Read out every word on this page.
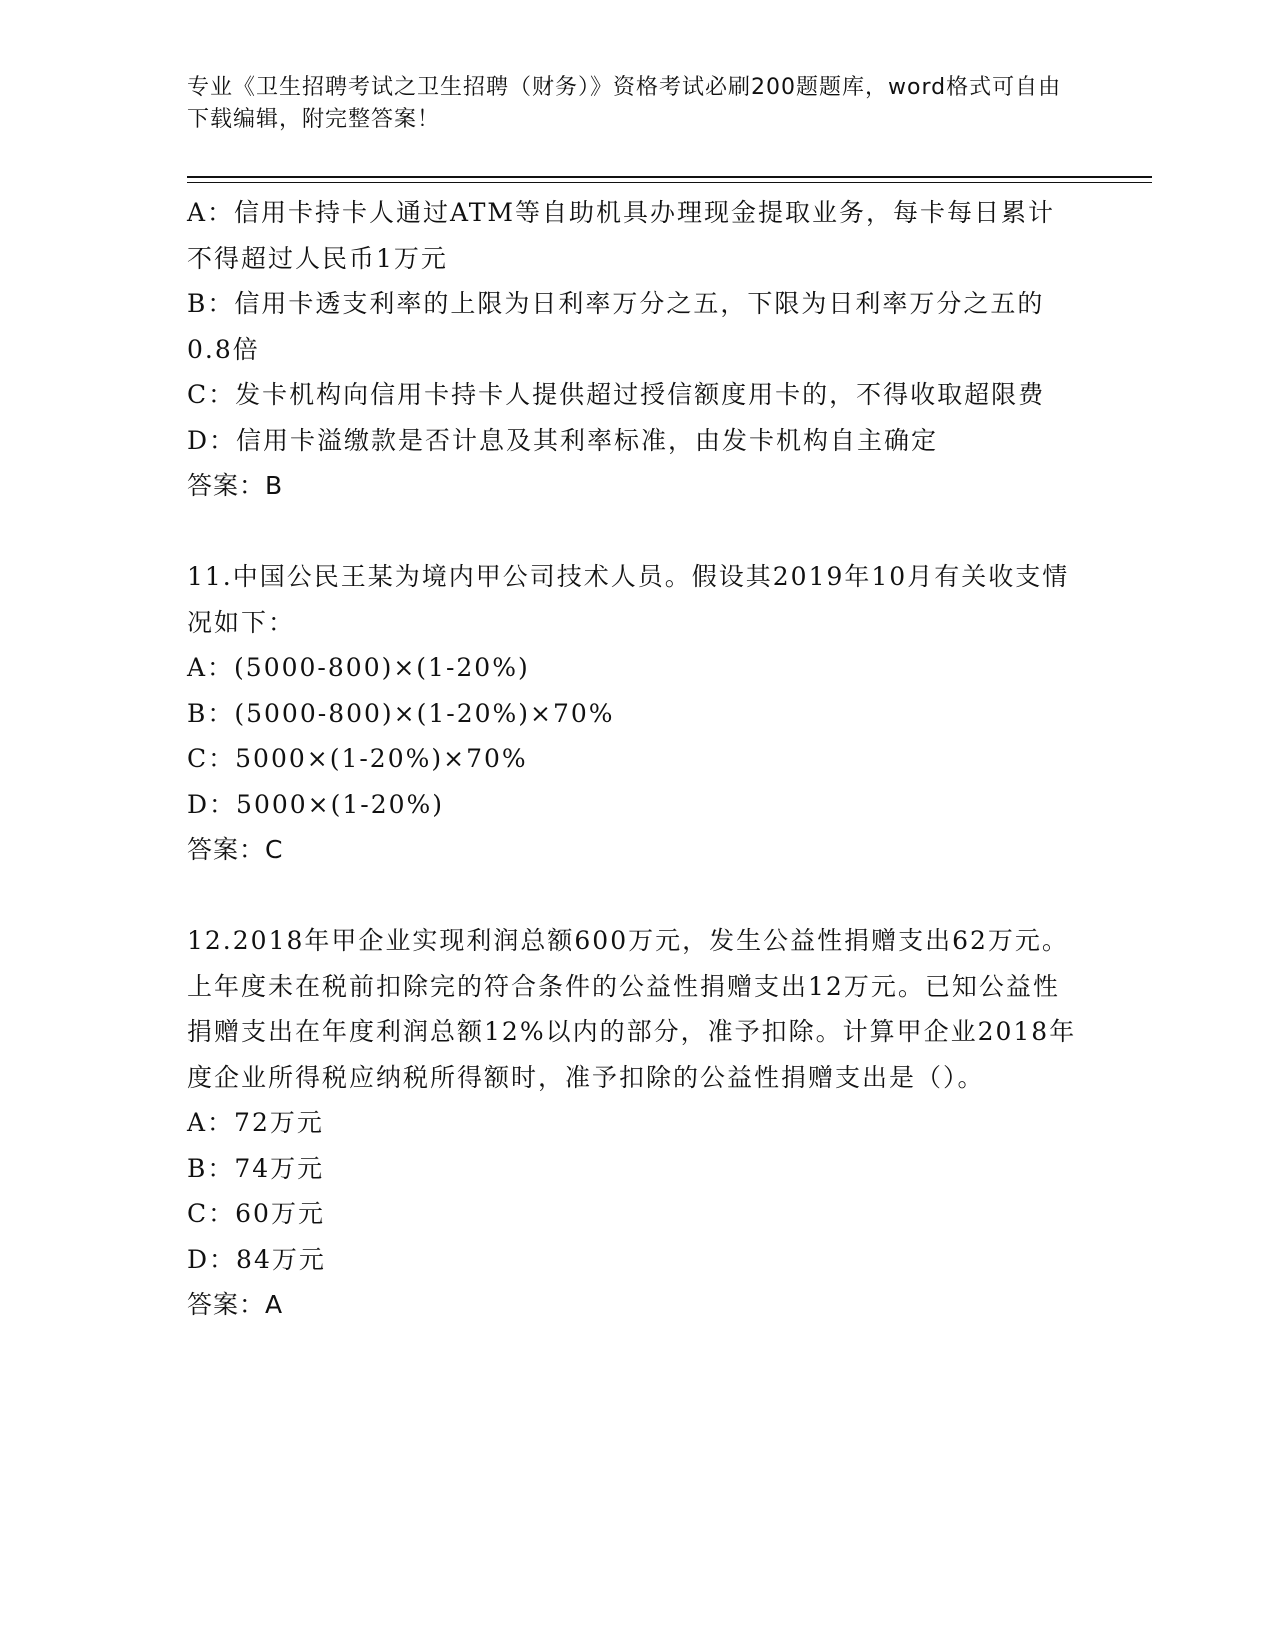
专业《卫生招聘考试之卫生招聘（财务）》资格考试必刷200题题库，word格式可自由下载编辑，附完整答案！

A：信用卡持卡人通过ATM等自助机具办理现金提取业务，每卡每日累计不得超过人民币1万元

B：信用卡透支利率的上限为日利率万分之五，下限为日利率万分之五的0.8倍

C：发卡机构向信用卡持卡人提供超过授信额度用卡的，不得收取超限费

D：信用卡溢缴款是否计息及其利率标准，由发卡机构自主确定

答案：B

11.中国公民王某为境内甲公司技术人员。假设其2019年10月有关收支情况如下：

A：(5000-800)×(1-20%)

B：(5000-800)×(1-20%)×70%

C：5000×(1-20%)×70%

D：5000×(1-20%)

答案：C

12.2018年甲企业实现利润总额600万元，发生公益性捐赠支出62万元。上年度未在税前扣除完的符合条件的公益性捐赠支出12万元。已知公益性捐赠支出在年度利润总额12%以内的部分，准予扣除。计算甲企业2018年度企业所得税应纳税所得额时，准予扣除的公益性捐赠支出是（）。

A：72万元

B：74万元

C：60万元

D：84万元

答案：A
